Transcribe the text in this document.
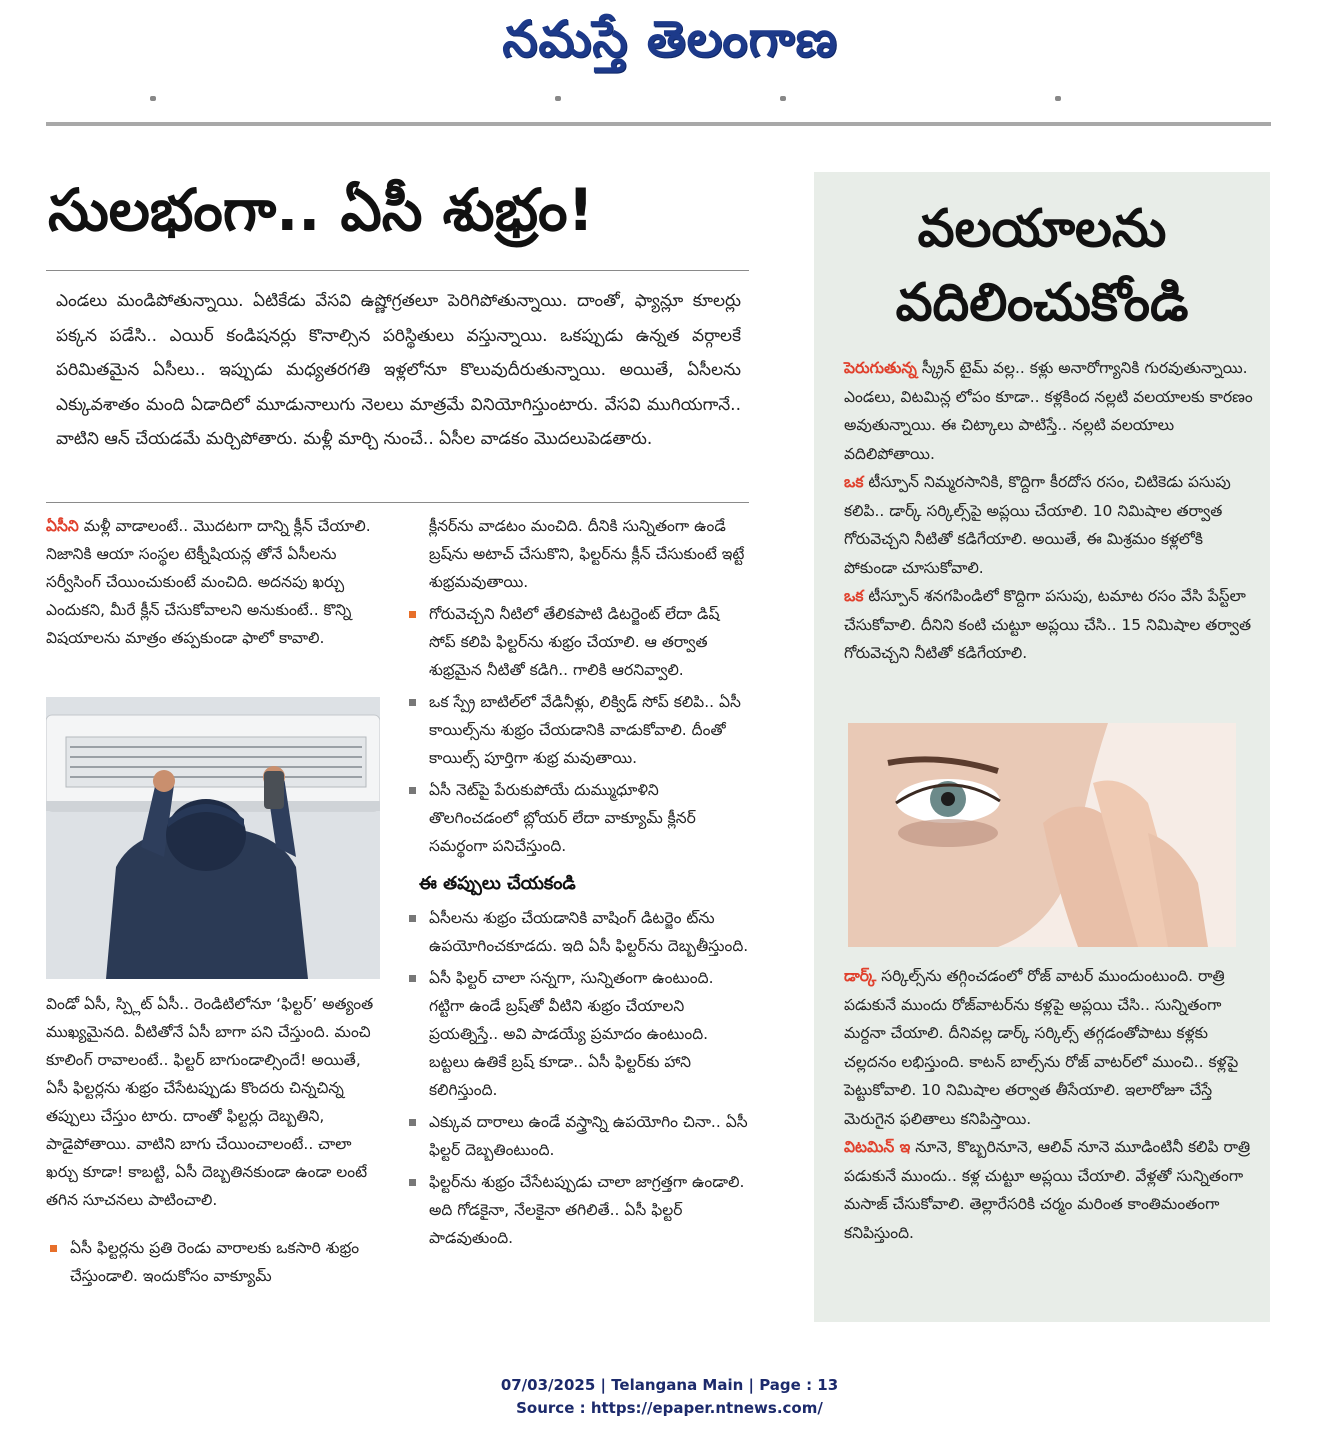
నమస్తే తెలంగాణ
సులభంగా.. ఏసీ శుభ్రం!
ఎండలు మండిపోతున్నాయి. ఏటికేడు వేసవి ఉష్ణోగ్రతలూ పెరిగిపోతున్నాయి. దాంతో, ఫ్యాన్లూ కూలర్లు పక్కన పడేసి.. ఎయిర్ కండిషనర్లు కొనాల్సిన పరిస్థితులు వస్తున్నాయి. ఒకప్పుడు ఉన్నత వర్గాలకే పరిమితమైన ఏసీలు.. ఇప్పుడు మధ్యతరగతి ఇళ్లలోనూ కొలువుదీరుతున్నాయి. అయితే, ఏసీలను ఎక్కువశాతం మంది ఏడాదిలో మూడునాలుగు నెలలు మాత్రమే వినియోగిస్తుంటారు. వేసవి ముగియగానే.. వాటిని ఆన్ చేయడమే మర్చిపోతారు. మళ్లీ మార్చి నుంచే.. ఏసీల వాడకం మొదలుపెడతారు.
ఏసీని మళ్లీ వాడాలంటే.. మొదటగా దాన్ని క్లీన్ చేయాలి. నిజానికి ఆయా సంస్థల టెక్నీషియన్ల తోనే ఏసీలను సర్వీసింగ్ చేయించుకుంటే మంచిది. అదనపు ఖర్చు ఎందుకని, మీరే క్లీన్ చేసుకోవాలని అనుకుంటే.. కొన్ని విషయాలను మాత్రం తప్పకుండా ఫాలో కావాలి.
విండో ఏసీ, స్ప్లిట్ ఏసీ.. రెండిటిలోనూ ‘ఫిల్టర్’ అత్యంత ముఖ్యమైనది. వీటితోనే ఏసీ బాగా పని చేస్తుంది. మంచి కూలింగ్ రావాలంటే.. ఫిల్టర్ బాగుండాల్సిందే! అయితే, ఏసీ ఫిల్టర్లను శుభ్రం చేసేటప్పుడు కొందరు చిన్నచిన్న తప్పులు చేస్తుం టారు. దాంతో ఫిల్టర్లు దెబ్బతిని, పాడైపోతాయి. వాటిని బాగు చేయించాలంటే.. చాలా ఖర్చు కూడా! కాబట్టి, ఏసీ దెబ్బతినకుండా ఉండా లంటే తగిన సూచనలు పాటించాలి.
ఏసీ ఫిల్టర్లను ప్రతి రెండు వారాలకు ఒకసారి శుభ్రం చేస్తుండాలి. ఇందుకోసం వాక్యూమ్
క్లీనర్‌ను వాడటం మంచిది. దీనికి సున్నితంగా ఉండే బ్రష్‌ను అటాచ్ చేసుకొని, ఫిల్టర్‌ను క్లీన్ చేసుకుంటే ఇట్టే శుభ్రమవుతాయి.
గోరువెచ్చని నీటిలో తేలికపాటి డిటర్జెంట్ లేదా డిష్ సోప్ కలిపి ఫిల్టర్‌ను శుభ్రం చేయాలి. ఆ తర్వాత శుభ్రమైన నీటితో కడిగి.. గాలికి ఆరనివ్వాలి.
ఒక స్ప్రే బాటిల్‌లో వేడినీళ్లు, లిక్విడ్ సోప్ కలిపి.. ఏసీ కాయిల్స్‌ను శుభ్రం చేయడానికి వాడుకోవాలి. దీంతో కాయిల్స్ పూర్తిగా శుభ్ర మవుతాయి.
ఏసీ నెట్‌పై పేరుకుపోయే దుమ్ముధూళిని తొలగించడంలో బ్లోయర్ లేదా వాక్యూమ్ క్లీనర్ సమర్థంగా పనిచేస్తుంది.
ఈ తప్పులు చేయకండి
ఏసీలను శుభ్రం చేయడానికి వాషింగ్ డిటర్జెం ట్‌ను ఉపయోగించకూడదు. ఇది ఏసీ ఫిల్టర్‌ను దెబ్బతీస్తుంది.
ఏసీ ఫిల్టర్ చాలా సన్నగా, సున్నితంగా ఉంటుంది. గట్టిగా ఉండే బ్రష్‌తో వీటిని శుభ్రం చేయాలని ప్రయత్నిస్తే.. అవి పాడయ్యే ప్రమాదం ఉంటుంది. బట్టలు ఉతికే బ్రష్ కూడా.. ఏసీ ఫిల్టర్‌కు హాని కలిగిస్తుంది.
ఎక్కువ దారాలు ఉండే వస్త్రాన్ని ఉపయోగిం చినా.. ఏసీ ఫిల్టర్ దెబ్బతింటుంది.
ఫిల్టర్‌ను శుభ్రం చేసేటప్పుడు చాలా జాగ్రత్తగా ఉండాలి. అది గోడకైనా, నేలకైనా తగిలితే.. ఏసీ ఫిల్టర్ పాడవుతుంది.
వలయాలను
వదిలించుకోండి
పెరుగుతున్న స్క్రీన్ టైమ్ వల్ల.. కళ్లు అనారోగ్యానికి గురవుతున్నాయి. ఎండలు, విటమిన్ల లోపం కూడా.. కళ్లకింద నల్లటి వలయాలకు కారణం అవుతున్నాయి. ఈ చిట్కాలు పాటిస్తే.. నల్లటి వలయాలు వదిలిపోతాయి.
ఒక టీస్పూన్ నిమ్మరసానికి, కొద్దిగా కీరదోస రసం, చిటికెడు పసుపు కలిపి.. డార్క్ సర్కిల్స్‌పై అప్లయి చేయాలి. 10 నిమిషాల తర్వాత గోరువెచ్చని నీటితో కడిగేయాలి. అయితే, ఈ మిశ్రమం కళ్లలోకి పోకుండా చూసుకోవాలి.
ఒక టీస్పూన్ శనగపిండిలో కొద్దిగా పసుపు, టమాట రసం వేసి పేస్ట్‌లా చేసుకోవాలి. దీనిని కంటి చుట్టూ అప్లయి చేసి.. 15 నిమిషాల తర్వాత గోరువెచ్చని నీటితో కడిగేయాలి.
డార్క్ సర్కిల్స్‌ను తగ్గించడంలో రోజ్ వాటర్ ముందుంటుంది. రాత్రి పడుకునే ముందు రోజ్‌వాటర్‌ను కళ్లపై అప్లయి చేసి.. సున్నితంగా మర్దనా చేయాలి. దీనివల్ల డార్క్ సర్కిల్స్ తగ్గడంతోపాటు కళ్లకు చల్లదనం లభిస్తుంది. కాటన్ బాల్స్‌ను రోజ్ వాటర్‌లో ముంచి.. కళ్లపై పెట్టుకోవాలి. 10 నిమిషాల తర్వాత తీసేయాలి. ఇలారోజూ చేస్తే మెరుగైన ఫలితాలు కనిపిస్తాయి.
విటమిన్ ఇ నూనె, కొబ్బరినూనె, ఆలివ్ నూనె మూడింటినీ కలిపి రాత్రి పడుకునే ముందు.. కళ్ల చుట్టూ అప్లయి చేయాలి. వేళ్లతో సున్నితంగా మసాజ్ చేసుకోవాలి. తెల్లారేసరికి చర్మం మరింత కాంతిమంతంగా కనిపిస్తుంది.
07/03/2025 | Telangana Main | Page : 13
Source : https://epaper.ntnews.com/
